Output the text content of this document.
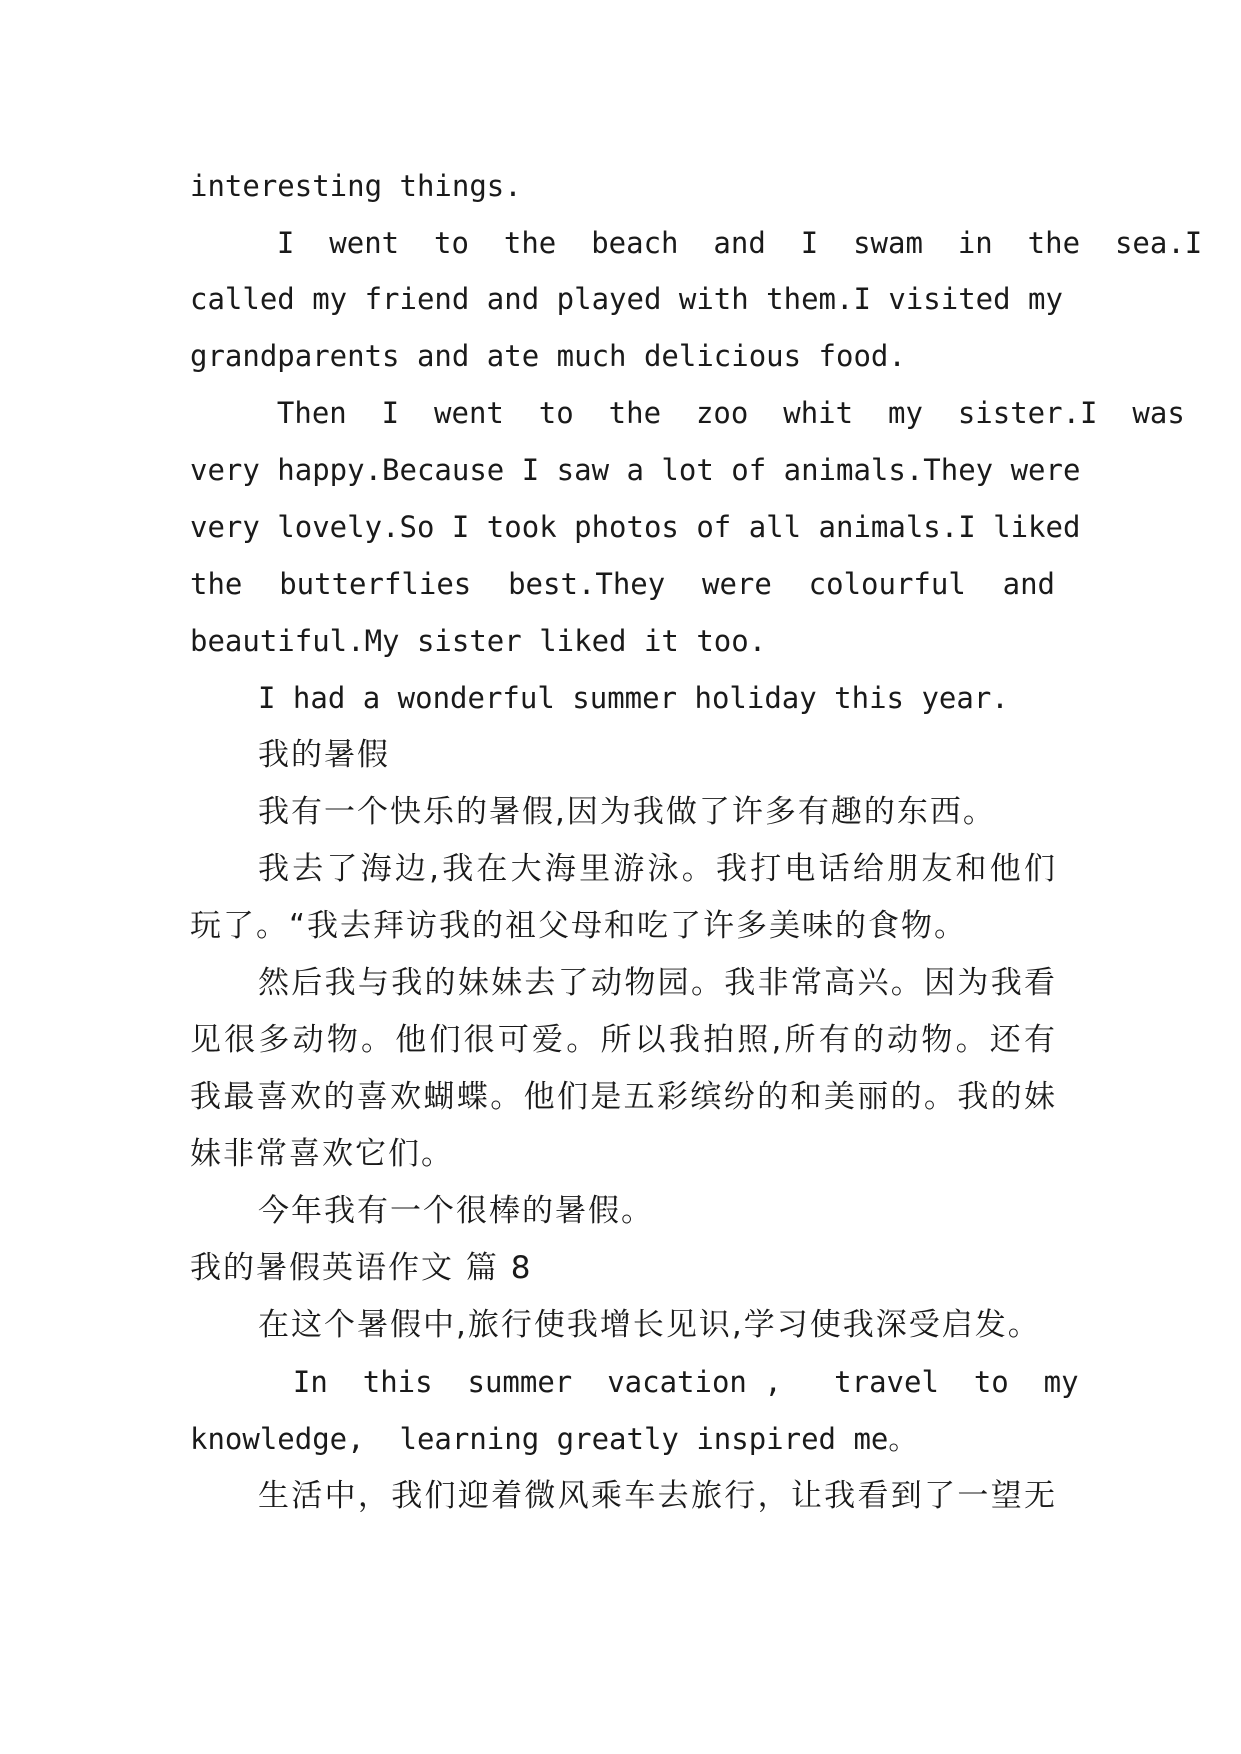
interesting things.
I  went  to  the  beach  and  I  swam  in  the  sea.I
called my friend and played with them.I visited my
grandparents and ate much delicious food.
Then  I  went  to  the  zoo  whit  my  sister.I  was
very happy.Because I saw a lot of animals.They were
very lovely.So I took photos of all animals.I liked
the  butterflies  best.They  were  colourful  and
beautiful.My sister liked it too.
I had a wonderful summer holiday this year.
我的暑假
我有一个快乐的暑假,因为我做了许多有趣的东西。
我去了海边,我在大海里游泳。我打电话给朋友和他们
玩了。“我去拜访我的祖父母和吃了许多美味的食物。
然后我与我的妹妹去了动物园。我非常高兴。因为我看
见很多动物。他们很可爱。所以我拍照,所有的动物。还有
我最喜欢的喜欢蝴蝶。他们是五彩缤纷的和美丽的。我的妹
妹非常喜欢它们。
今年我有一个很棒的暑假。
我的暑假英语作文 篇 8
在这个暑假中,旅行使我增长见识,学习使我深受启发。
In  this  summer  vacation ,   travel  to  my
knowledge,  learning greatly inspired me。
生活中，我们迎着微风乘车去旅行，让我看到了一望无
